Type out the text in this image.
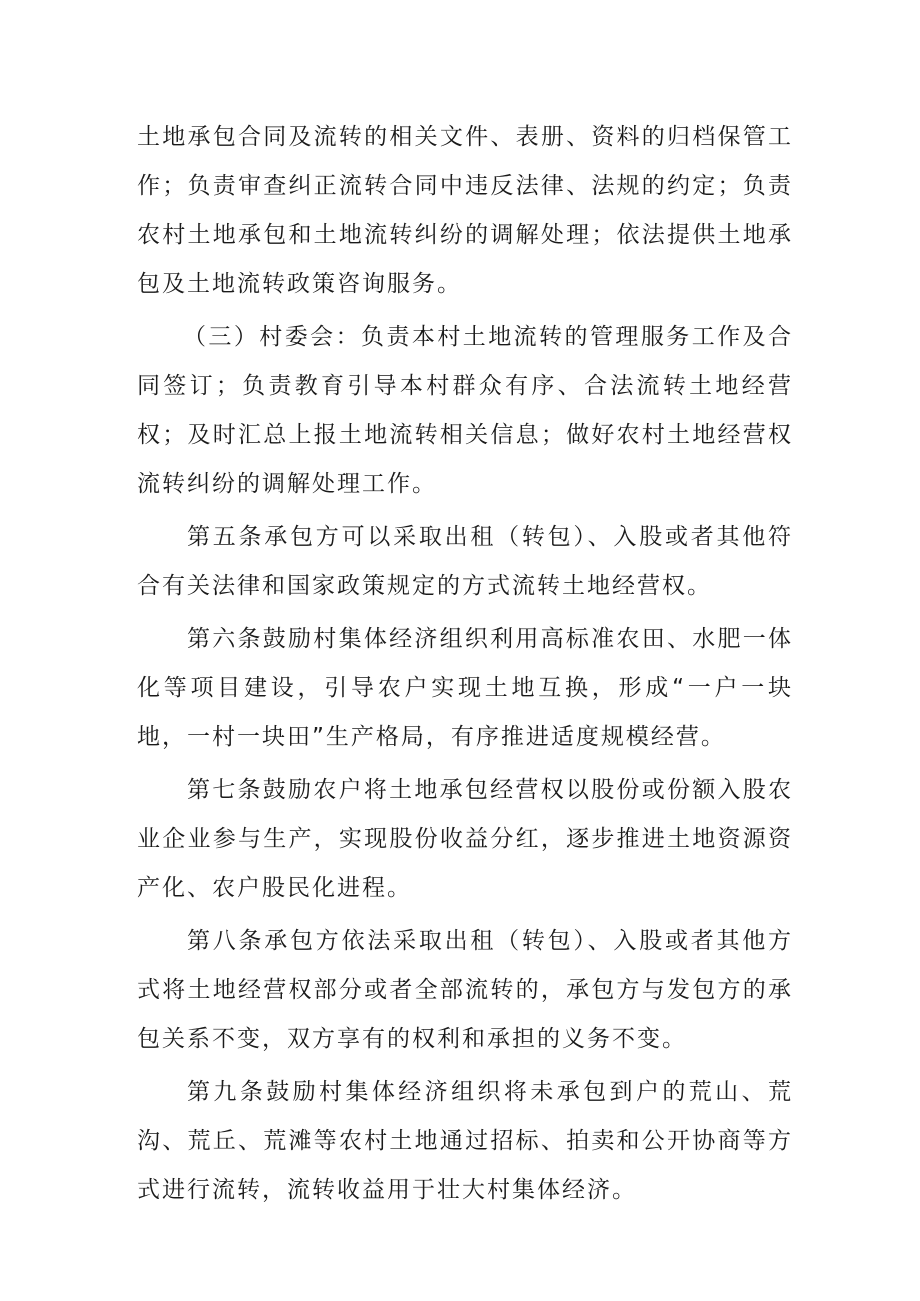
土地承包合同及流转的相关文件、表册、资料的归档保管工作；负责审查纠正流转合同中违反法律、法规的约定；负责农村土地承包和土地流转纠纷的调解处理；依法提供土地承包及土地流转政策咨询服务。

（三）村委会：负责本村土地流转的管理服务工作及合同签订；负责教育引导本村群众有序、合法流转土地经营权；及时汇总上报土地流转相关信息；做好农村土地经营权流转纠纷的调解处理工作。

第五条承包方可以采取出租（转包）、入股或者其他符合有关法律和国家政策规定的方式流转土地经营权。

第六条鼓励村集体经济组织利用高标准农田、水肥一体化等项目建设，引导农户实现土地互换，形成“一户一块地，一村一块田”生产格局，有序推进适度规模经营。

第七条鼓励农户将土地承包经营权以股份或份额入股农业企业参与生产，实现股份收益分红，逐步推进土地资源资产化、农户股民化进程。

第八条承包方依法采取出租（转包）、入股或者其他方式将土地经营权部分或者全部流转的，承包方与发包方的承包关系不变，双方享有的权利和承担的义务不变。

第九条鼓励村集体经济组织将未承包到户的荒山、荒沟、荒丘、荒滩等农村土地通过招标、拍卖和公开协商等方式进行流转，流转收益用于壮大村集体经济。
